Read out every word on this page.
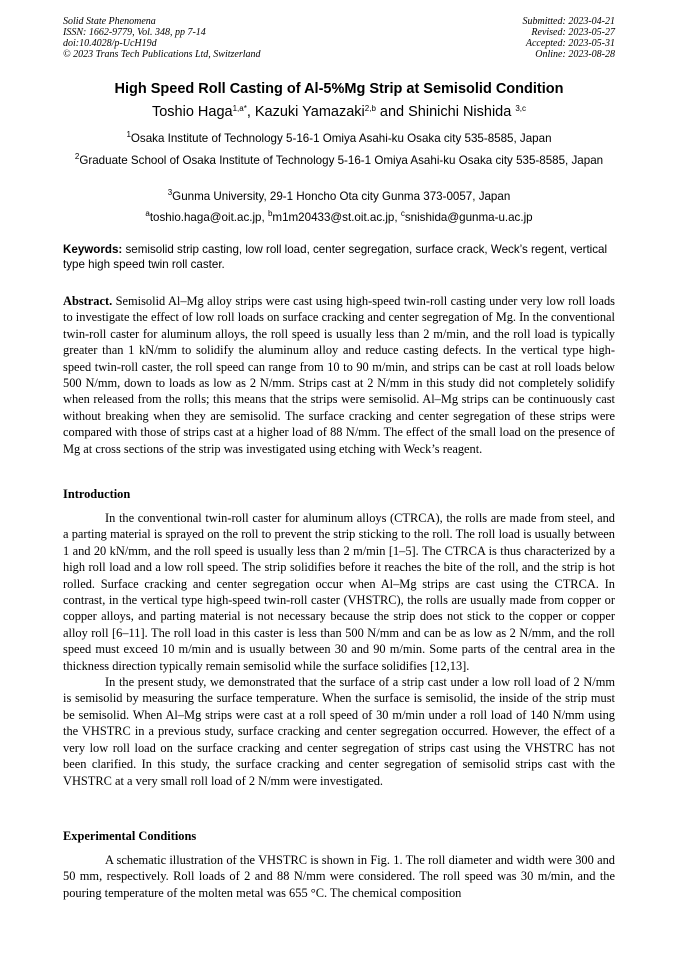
Solid State Phenomena
ISSN: 1662-9779, Vol. 348, pp 7-14
doi:10.4028/p-UcH19d
© 2023 Trans Tech Publications Ltd, Switzerland
Submitted: 2023-04-21
Revised: 2023-05-27
Accepted: 2023-05-31
Online: 2023-08-28
High Speed Roll Casting of Al-5%Mg Strip at Semisolid Condition
Toshio Haga$^{1,a*}$, Kazuki Yamazaki$^{2,b}$ and Shinichi Nishida $^{3,c}$
$^1$Osaka Institute of Technology 5-16-1 Omiya Asahi-ku Osaka city 535-8585, Japan
$^2$Graduate School of Osaka Institute of Technology 5-16-1 Omiya Asahi-ku Osaka city 535-8585, Japan
$^3$Gunma University, 29-1 Honcho Ota city Gunma 373-0057, Japan
$^a$toshio.haga@oit.ac.jp, $^b$m1m20433@st.oit.ac.jp, $^c$snishida@gunma-u.ac.jp
Keywords: semisolid strip casting, low roll load, center segregation, surface crack, Weck’s regent, vertical type high speed twin roll caster.

Abstract. Semisolid Al–Mg alloy strips were cast using high-speed twin-roll casting under very low roll loads to investigate the effect of low roll loads on surface cracking and center segregation of Mg. In the conventional twin-roll caster for aluminum alloys, the roll speed is usually less than 2 m/min, and the roll load is typically greater than 1 kN/mm to solidify the aluminum alloy and reduce casting defects. In the vertical type high-speed twin-roll caster, the roll speed can range from 10 to 90 m/min, and strips can be cast at roll loads below 500 N/mm, down to loads as low as 2 N/mm. Strips cast at 2 N/mm in this study did not completely solidify when released from the rolls; this means that the strips were semisolid. Al–Mg strips can be continuously cast without breaking when they are semisolid. The surface cracking and center segregation of these strips were compared with those of strips cast at a higher load of 88 N/mm. The effect of the small load on the presence of Mg at cross sections of the strip was investigated using etching with Weck’s reagent.

Introduction

In the conventional twin-roll caster for aluminum alloys (CTRCA), the rolls are made from steel, and a parting material is sprayed on the roll to prevent the strip sticking to the roll. The roll load is usually between 1 and 20 kN/mm, and the roll speed is usually less than 2 m/min [1–5]. The CTRCA is thus characterized by a high roll load and a low roll speed. The strip solidifies before it reaches the bite of the roll, and the strip is hot rolled. Surface cracking and center segregation occur when Al–Mg strips are cast using the CTRCA. In contrast, in the vertical type high-speed twin-roll caster (VHSTRC), the rolls are usually made from copper or copper alloys, and parting material is not necessary because the strip does not stick to the copper or copper alloy roll [6–11]. The roll load in this caster is less than 500 N/mm and can be as low as 2 N/mm, and the roll speed must exceed 10 m/min and is usually between 30 and 90 m/min. Some parts of the central area in the thickness direction typically remain semisolid while the surface solidifies [12,13].

In the present study, we demonstrated that the surface of a strip cast under a low roll load of 2 N/mm is semisolid by measuring the surface temperature. When the surface is semisolid, the inside of the strip must be semisolid. When Al–Mg strips were cast at a roll speed of 30 m/min under a roll load of 140 N/mm using the VHSTRC in a previous study, surface cracking and center segregation occurred. However, the effect of a very low roll load on the surface cracking and center segregation of strips cast using the VHSTRC has not been clarified. In this study, the surface cracking and center segregation of semisolid strips cast with the VHSTRC at a very small roll load of 2 N/mm were investigated.

Experimental Conditions

A schematic illustration of the VHSTRC is shown in Fig. 1. The roll diameter and width were 300 and 50 mm, respectively. Roll loads of 2 and 88 N/mm were considered. The roll speed was 30 m/min, and the pouring temperature of the molten metal was 655 °C. The chemical composition
